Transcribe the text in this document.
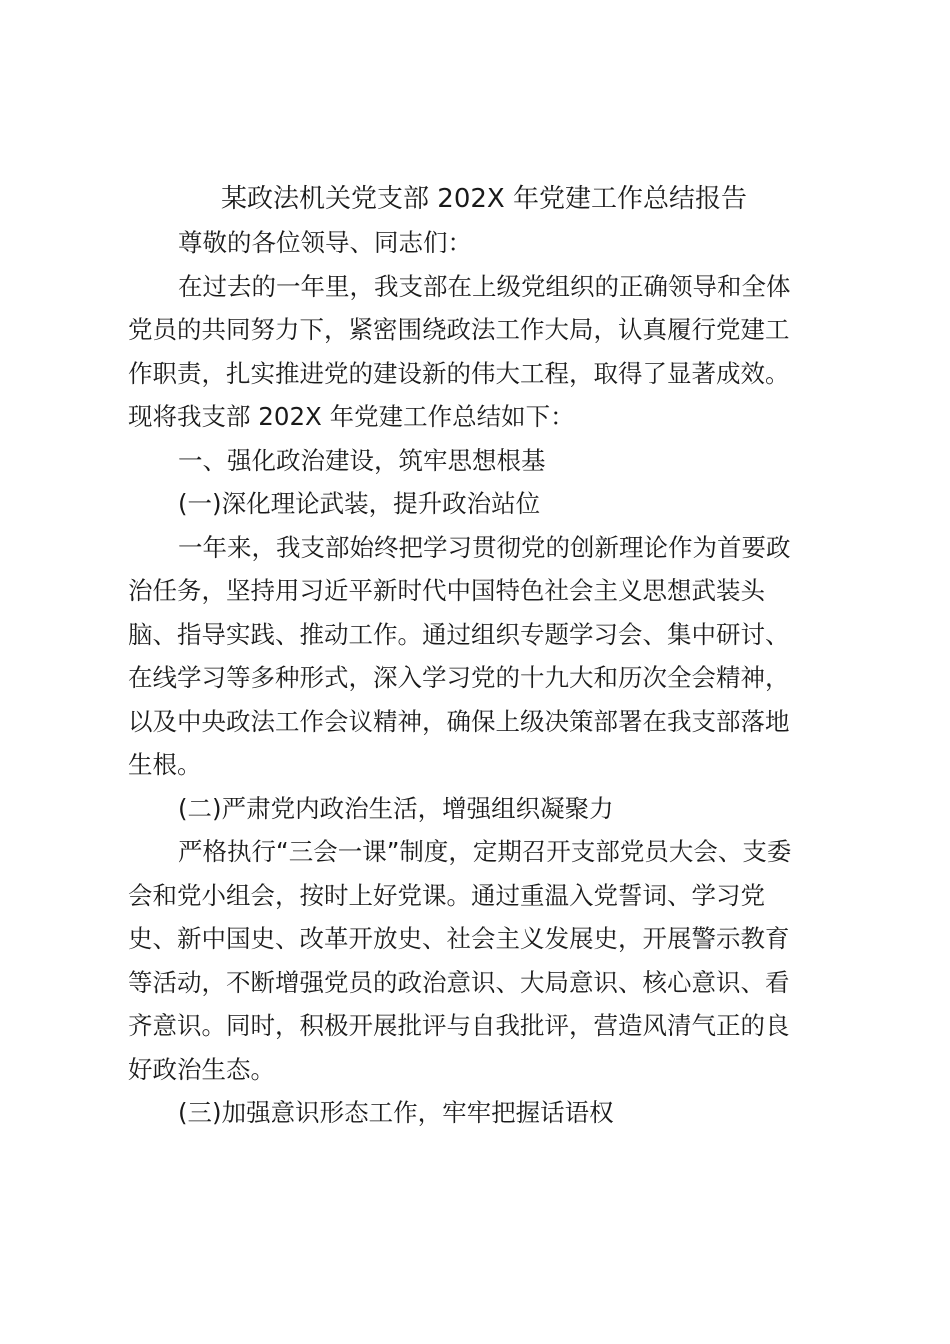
某政法机关党支部 202X 年党建工作总结报告
尊敬的各位领导、同志们：
在过去的一年里，我支部在上级党组织的正确领导和全体
党员的共同努力下，紧密围绕政法工作大局，认真履行党建工
作职责，扎实推进党的建设新的伟大工程，取得了显著成效。
现将我支部 202X 年党建工作总结如下：
一、强化政治建设，筑牢思想根基
(一)深化理论武装，提升政治站位
一年来，我支部始终把学习贯彻党的创新理论作为首要政
治任务，坚持用习近平新时代中国特色社会主义思想武装头
脑、指导实践、推动工作。通过组织专题学习会、集中研讨、
在线学习等多种形式，深入学习党的十九大和历次全会精神，
以及中央政法工作会议精神，确保上级决策部署在我支部落地
生根。
(二)严肃党内政治生活，增强组织凝聚力
严格执行“三会一课”制度，定期召开支部党员大会、支委
会和党小组会，按时上好党课。通过重温入党誓词、学习党
史、新中国史、改革开放史、社会主义发展史，开展警示教育
等活动，不断增强党员的政治意识、大局意识、核心意识、看
齐意识。同时，积极开展批评与自我批评，营造风清气正的良
好政治生态。
(三)加强意识形态工作，牢牢把握话语权
